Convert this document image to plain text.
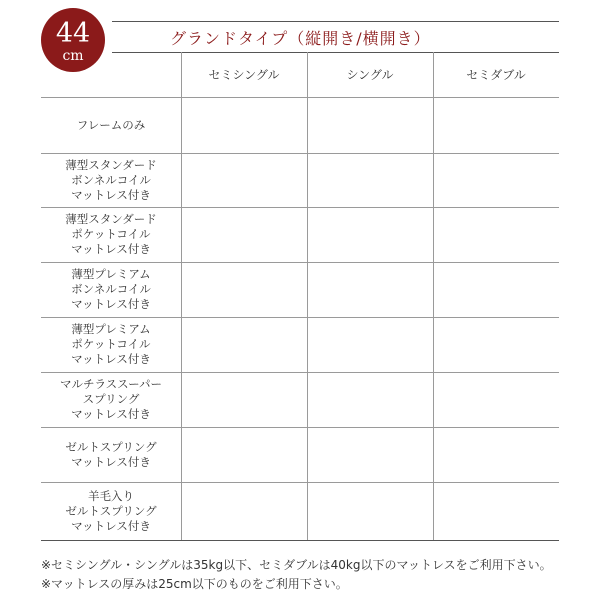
44
cm
グランドタイプ（縦開き/横開き）
セミシングル	シングル	セミダブル
フレームのみ
薄型スタンダード
ボンネルコイル
マットレス付き
薄型スタンダード
ポケットコイル
マットレス付き
薄型プレミアム
ボンネルコイル
マットレス付き
薄型プレミアム
ポケットコイル
マットレス付き
マルチラススーパー
スプリング
マットレス付き
ゼルトスプリング
マットレス付き
羊毛入り
ゼルトスプリング
マットレス付き
※セミシングル・シングルは35kg以下、セミダブルは40kg以下のマットレスをご利用下さい。
※マットレスの厚みは25cm以下のものをご利用下さい。
